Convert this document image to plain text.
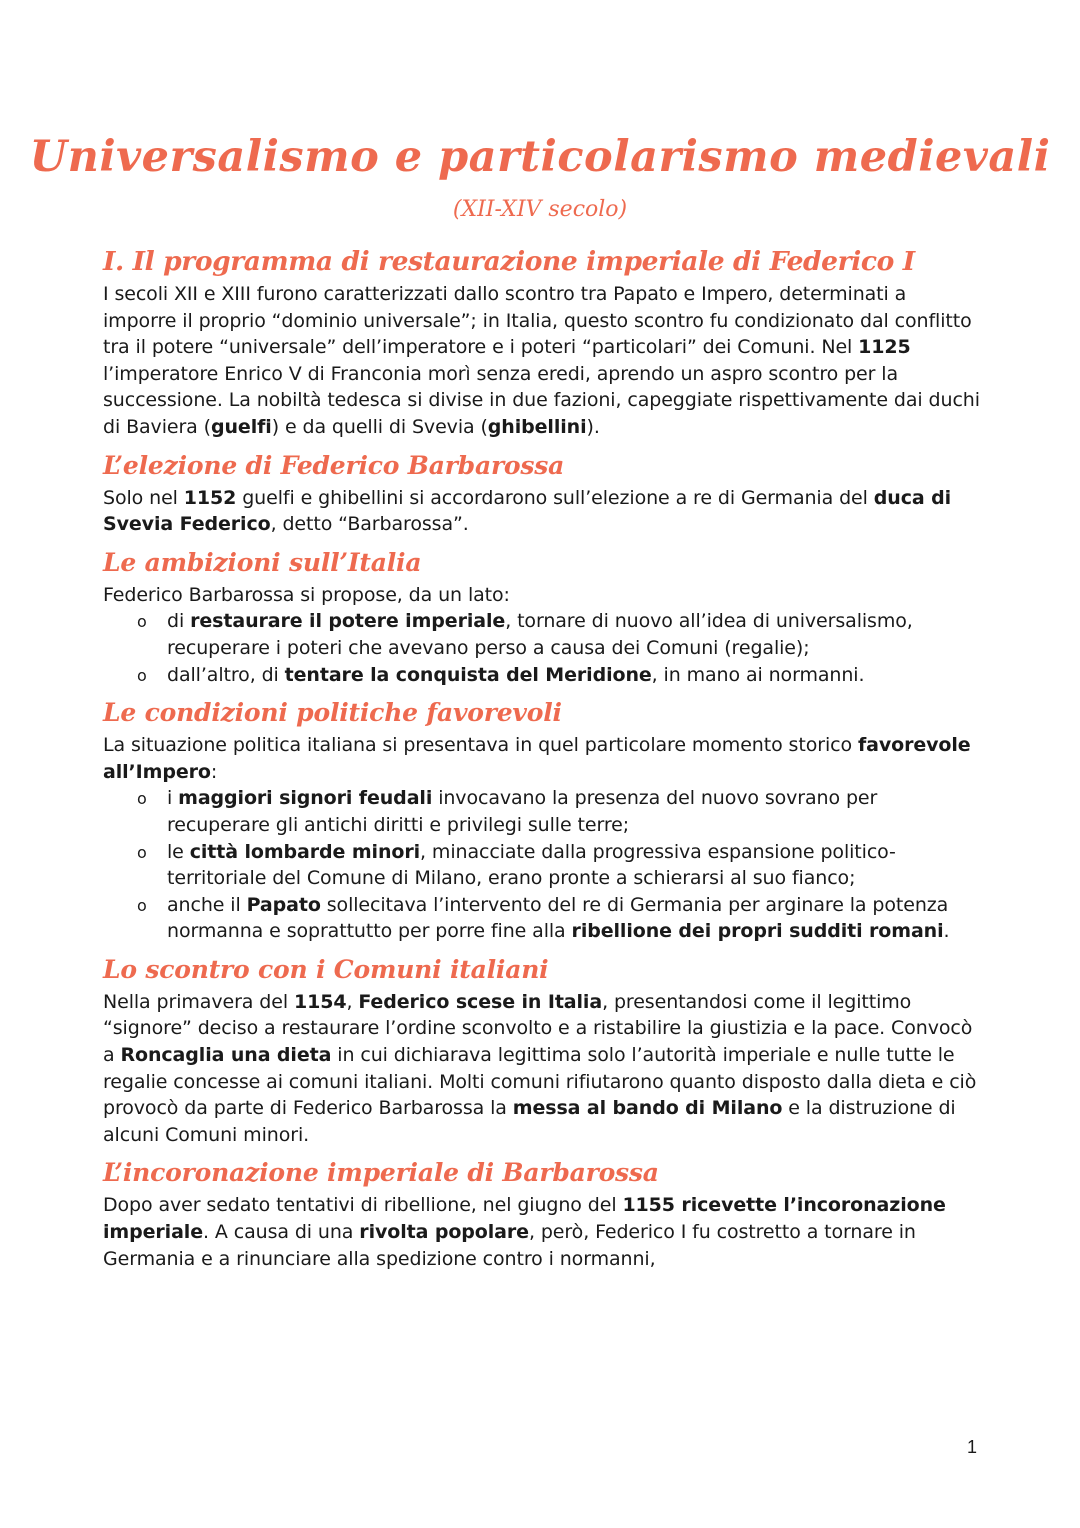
Universalismo e particolarismo medievali
(XII-XIV secolo)
I. Il programma di restaurazione imperiale di Federico I

I secoli XII e XIII furono caratterizzati dallo scontro tra Papato e Impero, determinati a imporre il proprio “dominio universale”; in Italia, questo scontro fu condizionato dal conflitto tra il potere “universale” dell’imperatore e i poteri “particolari” dei Comuni. Nel 1125 l’imperatore Enrico V di Franconia morì senza eredi, aprendo un aspro scontro per la successione. La nobiltà tedesca si divise in due fazioni, capeggiate rispettivamente dai duchi di Baviera (guelfi) e da quelli di Svevia (ghibellini).

L’elezione di Federico Barbarossa

Solo nel 1152 guelfi e ghibellini si accordarono sull’elezione a re di Germania del duca di Svevia Federico, detto “Barbarossa”.

Le ambizioni sull’Italia

Federico Barbarossa si propose, da un lato:

o di restaurare il potere imperiale, tornare di nuovo all’idea di universalismo, recuperare i poteri che avevano perso a causa dei Comuni (regalie);
o dall’altro, di tentare la conquista del Meridione, in mano ai normanni.
Le condizioni politiche favorevoli

La situazione politica italiana si presentava in quel particolare momento storico favorevole all’Impero:

o i maggiori signori feudali invocavano la presenza del nuovo sovrano per recuperare gli antichi diritti e privilegi sulle terre;
o le città lombarde minori, minacciate dalla progressiva espansione politico-territoriale del Comune di Milano, erano pronte a schierarsi al suo fianco;
o anche il Papato sollecitava l’intervento del re di Germania per arginare la potenza normanna e soprattutto per porre fine alla ribellione dei propri sudditi romani.
Lo scontro con i Comuni italiani

Nella primavera del 1154, Federico scese in Italia, presentandosi come il legittimo “signore” deciso a restaurare l’ordine sconvolto e a ristabilire la giustizia e la pace. Convocò a Roncaglia una dieta in cui dichiarava legittima solo l’autorità imperiale e nulle tutte le regalie concesse ai comuni italiani. Molti comuni rifiutarono quanto disposto dalla dieta e ciò provocò da parte di Federico Barbarossa la messa al bando di Milano e la distruzione di alcuni Comuni minori.

L’incoronazione imperiale di Barbarossa

Dopo aver sedato tentativi di ribellione, nel giugno del 1155 ricevette l’incoronazione imperiale. A causa di una rivolta popolare, però, Federico I fu costretto a tornare in Germania e a rinunciare alla spedizione contro i normanni,

1
